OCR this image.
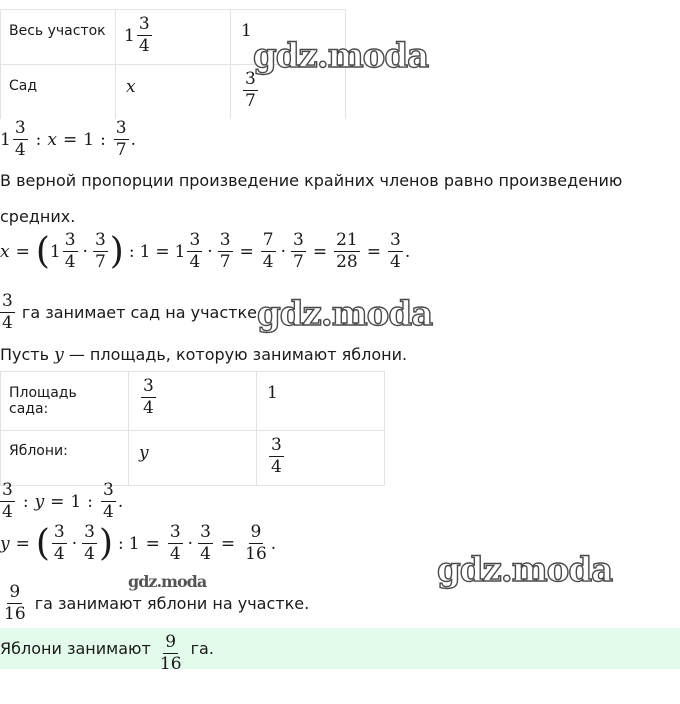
Весь участок	$1 \frac{3}{4}$	1

Сад	x	$\frac{3}{7}$
$1 \frac{3}{4}$ : x = 1 : $\frac{3}{7}$ .
В верной пропорции произведение крайних членов равно произведению
средних.
x = ( $1 \frac{3}{4} \cdot \frac{3}{7}$ ) : $1 = 1 \frac{3}{4} \cdot \frac{3}{7} = \frac{7}{4} \cdot \frac{3}{7} = \frac{21}{28} = \frac{3}{4}$ .
$\frac{3}{4}$ га занимает сад на участке.
Пусть y — площадь, которую занимают яблони.
Площадь сада:	$\frac{3}{4}$	1

Яблони:	y	$\frac{3}{4}$
$\frac{3}{4}$ : y = 1 : $\frac{3}{4}$ .
y = ( $\frac{3}{4} \cdot \frac{3}{4}$ ) : $1 = \frac{3}{4} \cdot \frac{3}{4} = \frac{9}{16}$ .
$\frac{9}{16}$ га занимают яблони на участке.
Яблони занимают $\frac{9}{16}$ га.
gdz.moda
gdz.moda
gdz.moda	gdz.moda
